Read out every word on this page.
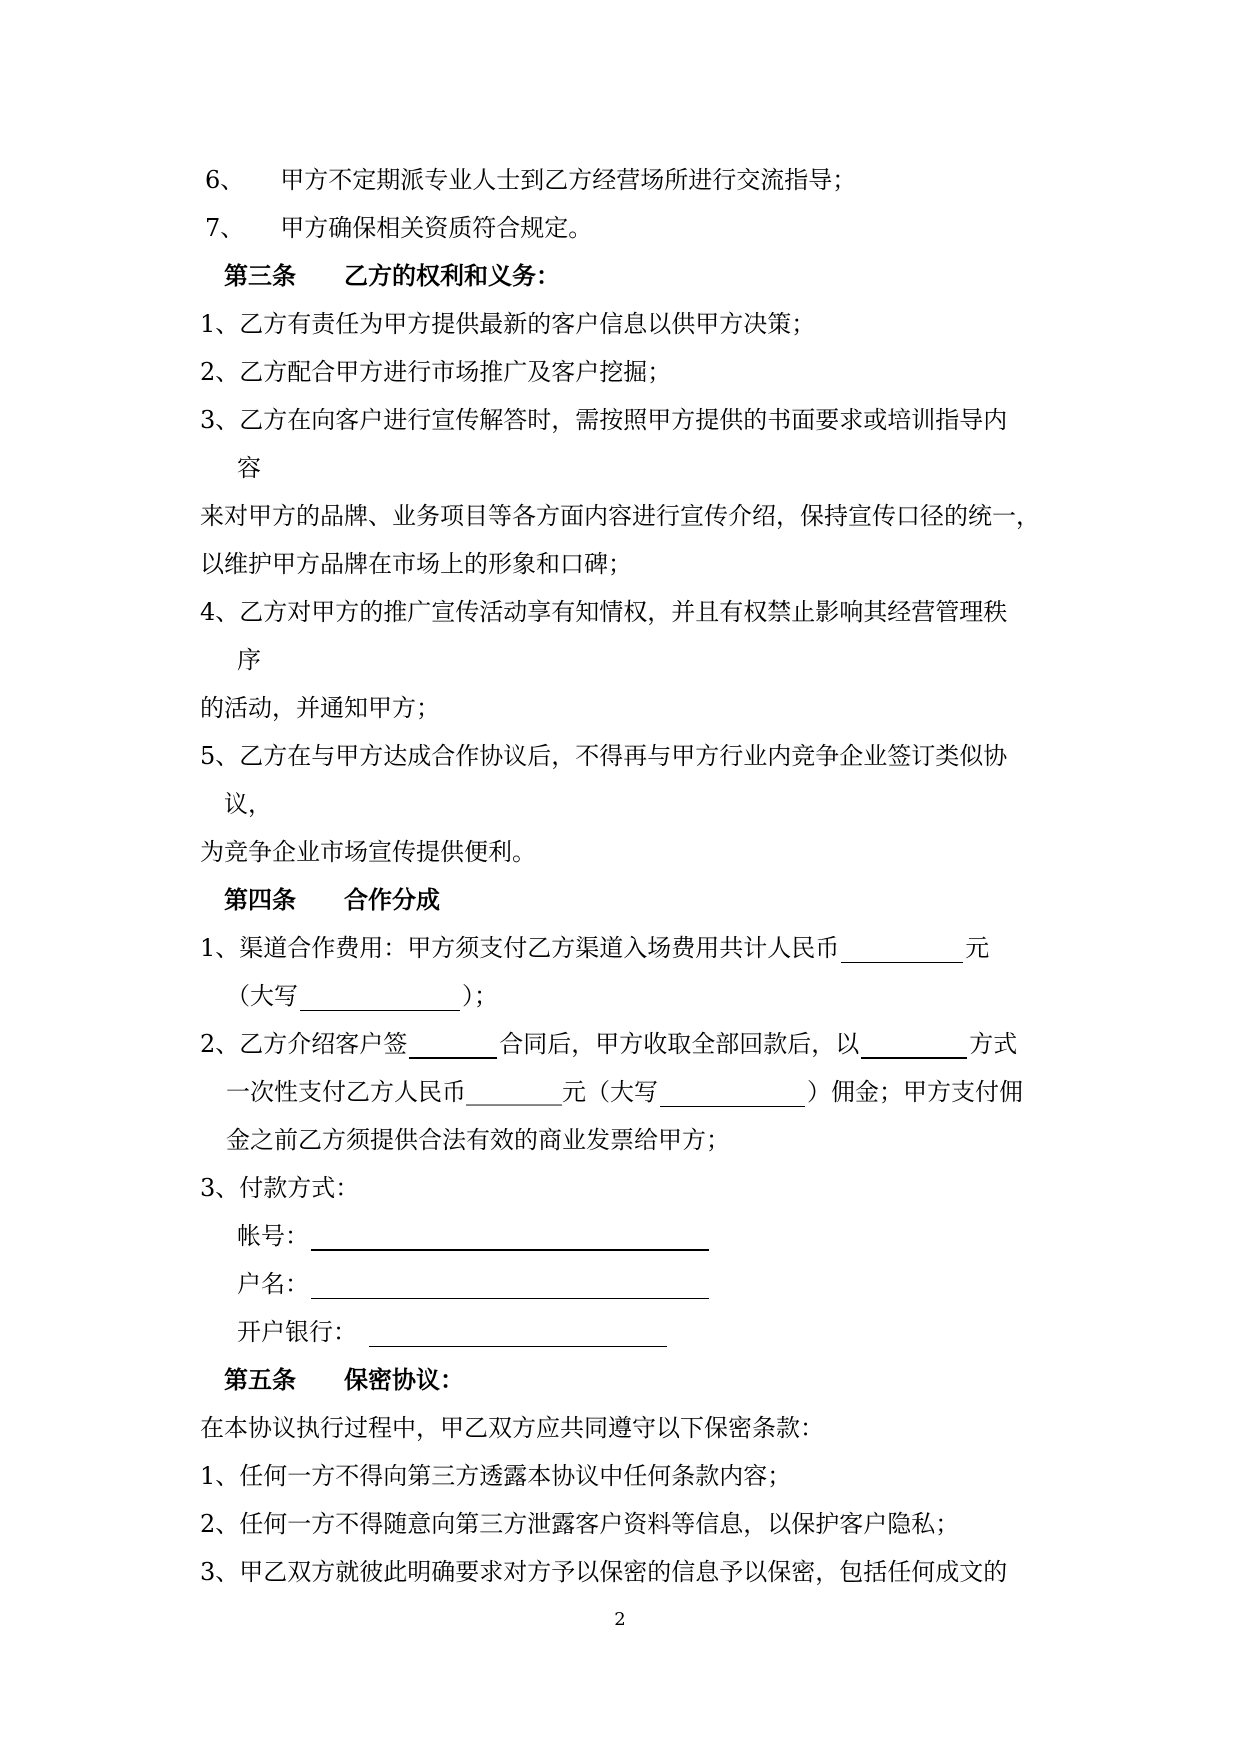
6、　　甲方不定期派专业人士到乙方经营场所进行交流指导；
7、　　甲方确保相关资质符合规定。
第三条　　乙方的权利和义务：
1、乙方有责任为甲方提供最新的客户信息以供甲方决策；
2、乙方配合甲方进行市场推广及客户挖掘；
3、乙方在向客户进行宣传解答时，需按照甲方提供的书面要求或培训指导内
容
来对甲方的品牌、业务项目等各方面内容进行宣传介绍，保持宣传口径的统一，
以维护甲方品牌在市场上的形象和口碑；
4、乙方对甲方的推广宣传活动享有知情权，并且有权禁止影响其经营管理秩
序
的活动，并通知甲方；
5、乙方在与甲方达成合作协议后，不得再与甲方行业内竞争企业签订类似协
议，
为竞争企业市场宣传提供便利。
第四条　　合作分成
1、渠道合作费用：甲方须支付乙方渠道入场费用共计人民币	元
（大写	）；
2、乙方介绍客户签	合同后，甲方收取全部回款后，以	方式
一次性支付乙方人民币________元（大写	）佣金；甲方支付佣
金之前乙方须提供合法有效的商业发票给甲方；
3、付款方式：
帐号：
户名：
开户银行：
第五条　　保密协议：
在本协议执行过程中，甲乙双方应共同遵守以下保密条款：
1、任何一方不得向第三方透露本协议中任何条款内容；
2、任何一方不得随意向第三方泄露客户资料等信息，以保护客户隐私；
3、甲乙双方就彼此明确要求对方予以保密的信息予以保密，包括任何成文的
2
